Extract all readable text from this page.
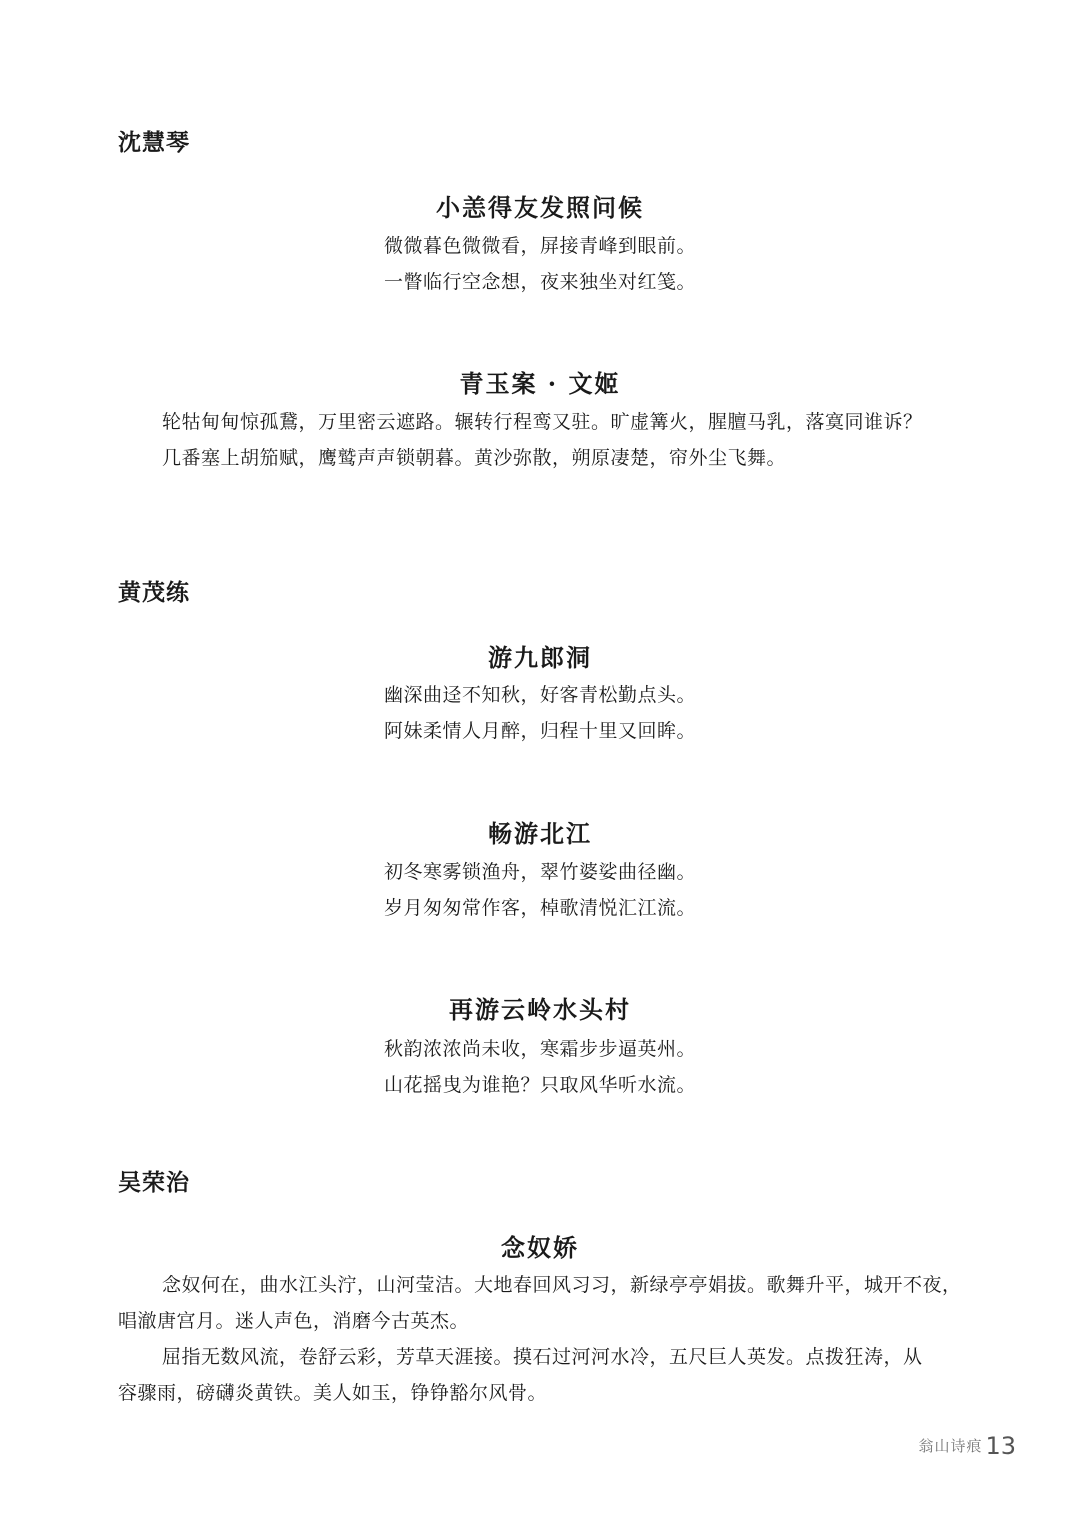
沈慧琴
小恙得友发照问候
微微暮色微微看，屏接青峰到眼前。
一瞥临行空念想，夜来独坐对红笺。
青玉案 · 文姬
轮牯甸甸惊孤鵞，万里密云遮路。辗转行程鸾又驻。旷虚篝火，腥膻马乳，落寞同谁诉？
几番塞上胡笳赋，鹰鹫声声锁朝暮。黄沙弥散，朔原凄楚，帘外尘飞舞。
黄茂练
游九郎洞
幽深曲迳不知秋，好客青松勤点头。
阿妹柔情人月醉，归程十里又回眸。
畅游北江
初冬寒雾锁渔舟，翠竹婆娑曲径幽。
岁月匆匆常作客，棹歌清悦汇江流。
再游云岭水头村
秋韵浓浓尚未收，寒霜步步逼英州。
山花摇曳为谁艳？只取风华听水流。
吴荣治
念奴娇

念奴何在，曲水江头泞，山河莹洁。大地春回风习习，新绿亭亭娟拔。歌舞升平，城开不夜，
唱澈唐宫月。迷人声色，消磨今古英杰。

屈指无数风流，卷舒云彩，芳草天涯接。摸石过河河水冷，五尺巨人英发。点拨狂涛，从
容骤雨，磅礴炎黄铁。美人如玉，铮铮豁尔风骨。

翁山诗痕 13
